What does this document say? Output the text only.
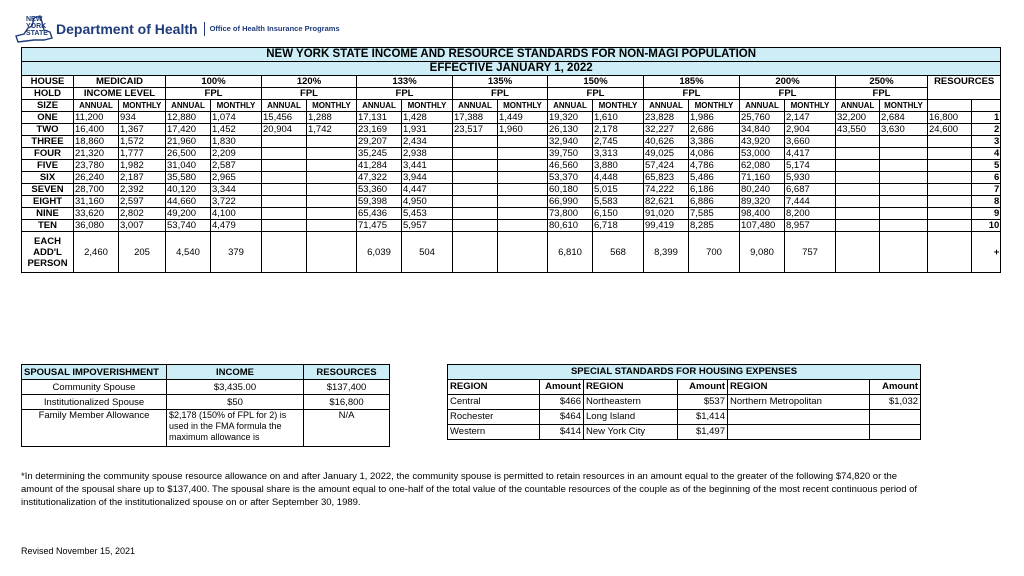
NEW YORK STATE Department of Health	Office of Health Insurance Programs
NEW YORK STATE INCOME AND RESOURCE STANDARDS FOR NON-MAGI POPULATION																				
EFFECTIVE JANUARY 1, 2022																				
HOUSE	MEDICAID		100%		120%		133%		135%		150%		185%		200%		250%		RESOURCES	
HOLD	INCOME LEVEL		FPL		FPL		FPL		FPL		FPL		FPL		FPL		FPL			
SIZE	ANNUAL	MONTHLY	ANNUAL	MONTHLY	ANNUAL	MONTHLY	ANNUAL	MONTHLY	ANNUAL	MONTHLY	ANNUAL	MONTHLY	ANNUAL	MONTHLY	ANNUAL	MONTHLY	ANNUAL	MONTHLY		
ONE	11,200	934	12,880	1,074	15,456	1,288	17,131	1,428	17,388	1,449	19,320	1,610	23,828	1,986	25,760	2,147	32,200	2,684	16,800	1
TWO	16,400	1,367	17,420	1,452	20,904	1,742	23,169	1,931	23,517	1,960	26,130	2,178	32,227	2,686	34,840	2,904	43,550	3,630	24,600	2
THREE	18,860	1,572	21,960	1,830			29,207	2,434			32,940	2,745	40,626	3,386	43,920	3,660				3
FOUR	21,320	1,777	26,500	2,209			35,245	2,938			39,750	3,313	49,025	4,086	53,000	4,417				4
FIVE	23,780	1,982	31,040	2,587			41,284	3,441			46,560	3,880	57,424	4,786	62,080	5,174				5
SIX	26,240	2,187	35,580	2,965			47,322	3,944			53,370	4,448	65,823	5,486	71,160	5,930				6
SEVEN	28,700	2,392	40,120	3,344			53,360	4,447			60,180	5,015	74,222	6,186	80,240	6,687				7
EIGHT	31,160	2,597	44,660	3,722			59,398	4,950			66,990	5,583	82,621	6,886	89,320	7,444				8
NINE	33,620	2,802	49,200	4,100			65,436	5,453			73,800	6,150	91,020	7,585	98,400	8,200				9
TEN	36,080	3,007	53,740	4,479			71,475	5,957			80,610	6,718	99,419	8,285	107,480	8,957				10

EACH
ADD'L
PERSON	2,460	205	4,540	379			6,039	504			6,810	568	8,399	700	9,080	757				+
SPOUSAL IMPOVERISHMENT	INCOME	RESOURCES
Community Spouse	$3,435.00	$137,400
Institutionalized Spouse	$50	$16,800
Family Member Allowance	$2,178 (150% of FPL for 2) is used in the FMA formula the maximum allowance is	N/A
SPECIAL STANDARDS FOR HOUSING EXPENSES					
REGION	Amount	REGION	Amount	REGION	Amount
Central	$466	Northeastern	$537	Northern Metropolitan	$1,032
Rochester	$464	Long Island	$1,414		
Western	$414	New York City	$1,497		
*In determining the community spouse resource allowance on and after January 1, 2022, the community spouse is permitted to retain resources in an amount equal to the greater of the following $74,820 or the amount of the spousal share up to $137,400. The spousal share is the amount equal to one-half of the total value of the countable resources of the couple as of the beginning of the most recent continuous period of institutionalization of the institutionalized spouse on or after September 30, 1989.
Revised November 15, 2021
